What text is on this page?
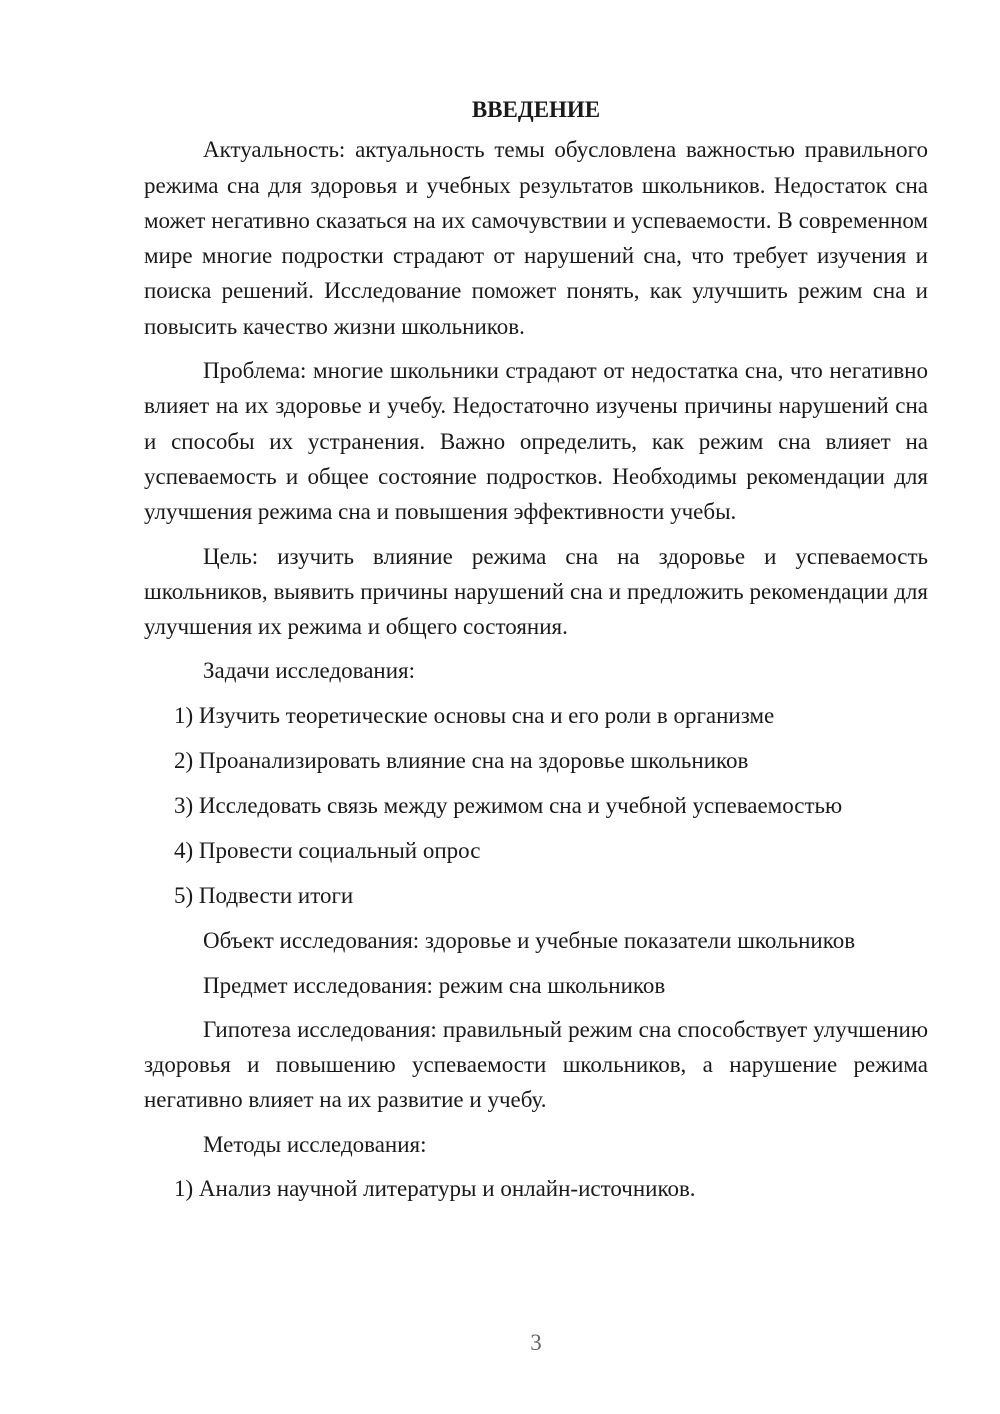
ВВЕДЕНИЕ

Актуальность: актуальность темы обусловлена важностью правильного режима сна для здоровья и учебных результатов школьников. Недостаток сна может негативно сказаться на их самочувствии и успеваемости. В современном мире многие подростки страдают от нарушений сна, что требует изучения и поиска решений. Исследование поможет понять, как улучшить режим сна и повысить качество жизни школьников.

Проблема: многие школьники страдают от недостатка сна, что негативно влияет на их здоровье и учебу. Недостаточно изучены причины нарушений сна и способы их устранения. Важно определить, как режим сна влияет на успеваемость и общее состояние подростков. Необходимы рекомендации для улучшения режима сна и повышения эффективности учебы.

Цель: изучить влияние режима сна на здоровье и успеваемость школьников, выявить причины нарушений сна и предложить рекомендации для улучшения их режима и общего состояния.

Задачи исследования:
1) Изучить теоретические основы сна и его роли в организме
2) Проанализировать влияние сна на здоровье школьников
3) Исследовать связь между режимом сна и учебной успеваемостью
4) Провести социальный опрос
5) Подвести итоги
Объект исследования: здоровье и учебные показатели школьников
Предмет исследования: режим сна школьников

Гипотеза исследования: правильный режим сна способствует улучшению здоровья и повышению успеваемости школьников, а нарушение режима негативно влияет на их развитие и учебу.

Методы исследования:
1) Анализ научной литературы и онлайн-источников.
3
